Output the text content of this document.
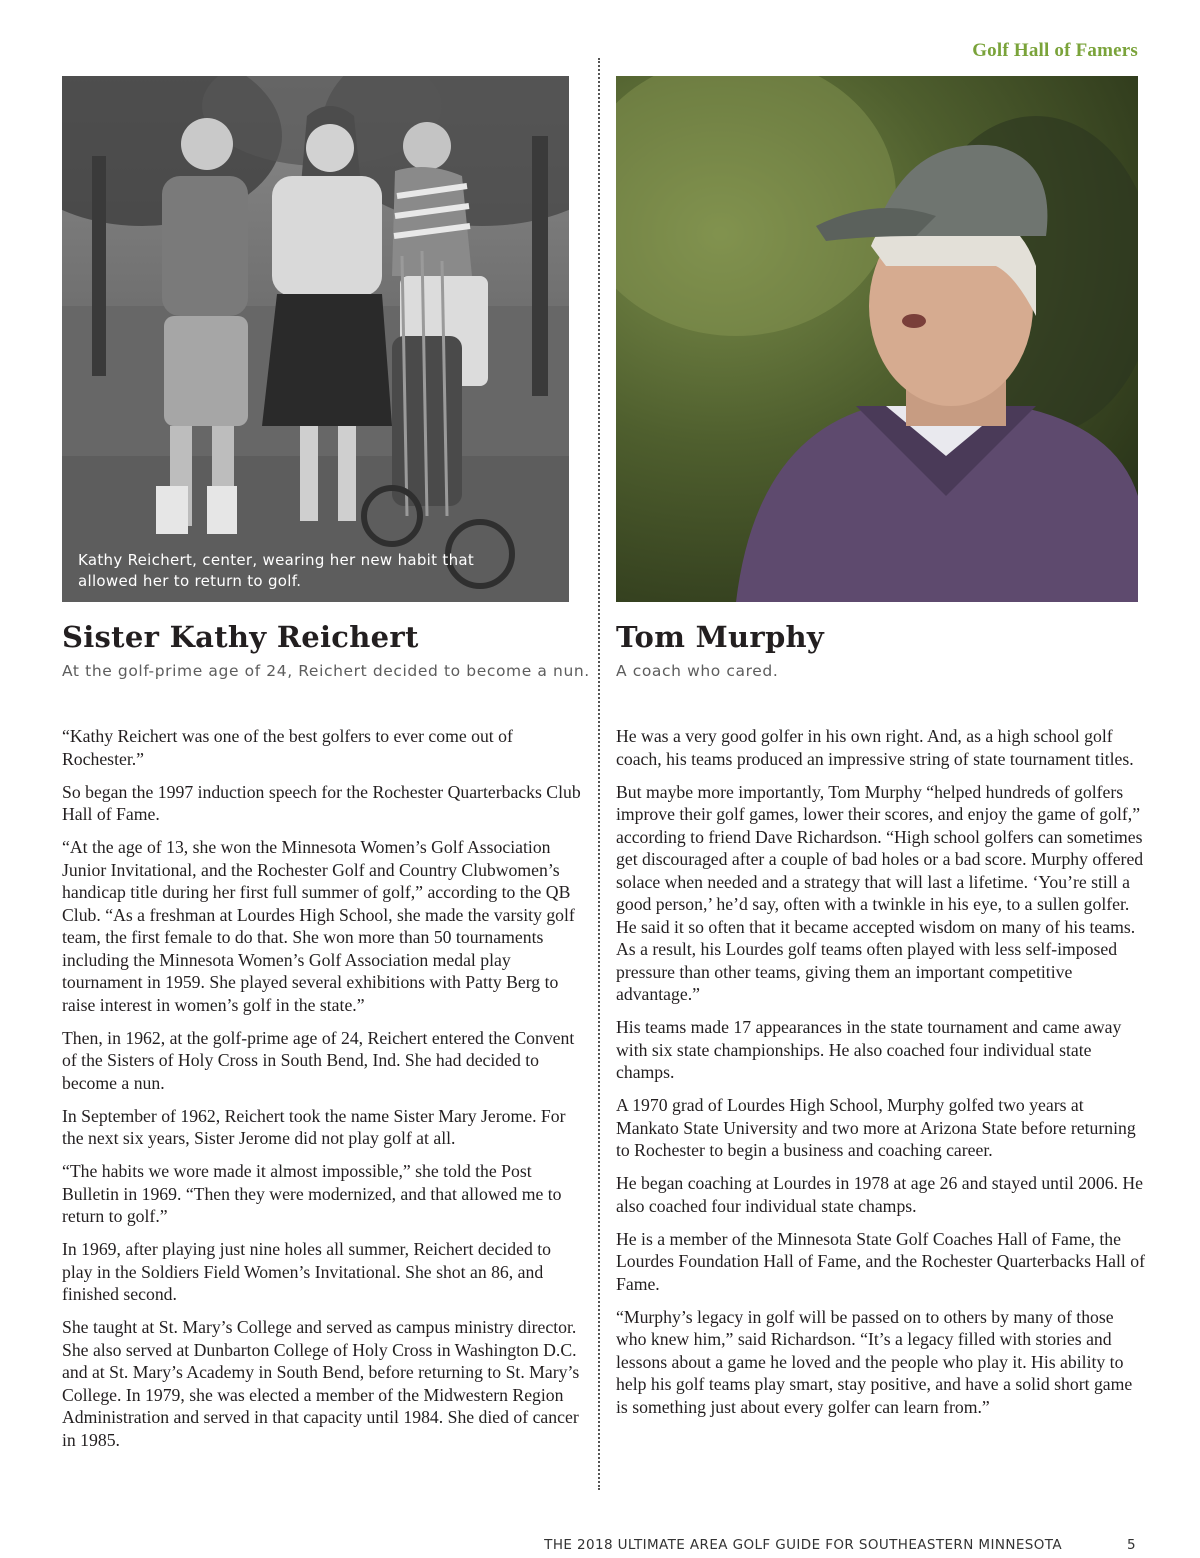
Golf Hall of Famers

Kathy Reichert, center, wearing her new habit that allowed her to return to golf.

Sister Kathy Reichert

At the golf-prime age of 24, Reichert decided to become a nun.

Tom Murphy

A coach who cared.

“Kathy Reichert was one of the best golfers to ever come out of Rochester.”

So began the 1997 induction speech for the Rochester Quarterbacks Club Hall of Fame.

“At the age of 13, she won the Minnesota Women’s Golf Association Junior Invitational, and the Rochester Golf and Country Clubwomen’s handicap title during her first full summer of golf,” according to the QB Club. “As a freshman at Lourdes High School, she made the varsity golf team, the first female to do that. She won more than 50 tournaments including the Minnesota Women’s Golf Association medal play tournament in 1959. She played several exhibitions with Patty Berg to raise interest in women’s golf in the state.”

Then, in 1962, at the golf-prime age of 24, Reichert entered the Convent of the Sisters of Holy Cross in South Bend, Ind. She had decided to become a nun.

In September of 1962, Reichert took the name Sister Mary Jerome. For the next six years, Sister Jerome did not play golf at all.

“The habits we wore made it almost impossible,” she told the Post Bulletin in 1969. “Then they were modernized, and that allowed me to return to golf.”

In 1969, after playing just nine holes all summer, Reichert decided to play in the Soldiers Field Women’s Invitational. She shot an 86, and finished second.

She taught at St. Mary’s College and served as campus ministry director. She also served at Dunbarton College of Holy Cross in Washington D.C. and at St. Mary’s Academy in South Bend, before returning to St. Mary’s College. In 1979, she was elected a member of the Midwestern Region Administration and served in that capacity until 1984. She died of cancer in 1985.

He was a very good golfer in his own right. And, as a high school golf coach, his teams produced an impressive string of state tournament titles.

But maybe more importantly, Tom Murphy “helped hundreds of golfers improve their golf games, lower their scores, and enjoy the game of golf,” according to friend Dave Richardson. “High school golfers can sometimes get discouraged after a couple of bad holes or a bad score. Murphy offered solace when needed and a strategy that will last a lifetime. ‘You’re still a good person,’ he’d say, often with a twinkle in his eye, to a sullen golfer. He said it so often that it became accepted wisdom on many of his teams. As a result, his Lourdes golf teams often played with less self-imposed pressure than other teams, giving them an important competitive advantage.”

His teams made 17 appearances in the state tournament and came away with six state championships. He also coached four individual state champs.

A 1970 grad of Lourdes High School, Murphy golfed two years at Mankato State University and two more at Arizona State before returning to Rochester to begin a business and coaching career.

He began coaching at Lourdes in 1978 at age 26 and stayed until 2006. He also coached four individual state champs.

He is a member of the Minnesota State Golf Coaches Hall of Fame, the Lourdes Foundation Hall of Fame, and the Rochester Quarterbacks Hall of Fame.

“Murphy’s legacy in golf will be passed on to others by many of those who knew him,” said Richardson. “It’s a legacy filled with stories and lessons about a game he loved and the people who play it. His ability to help his golf teams play smart, stay positive, and have a solid short game is something just about every golfer can learn from.”

THE 2018 ULTIMATE AREA GOLF GUIDE FOR SOUTHEASTERN MINNESOTA	5
